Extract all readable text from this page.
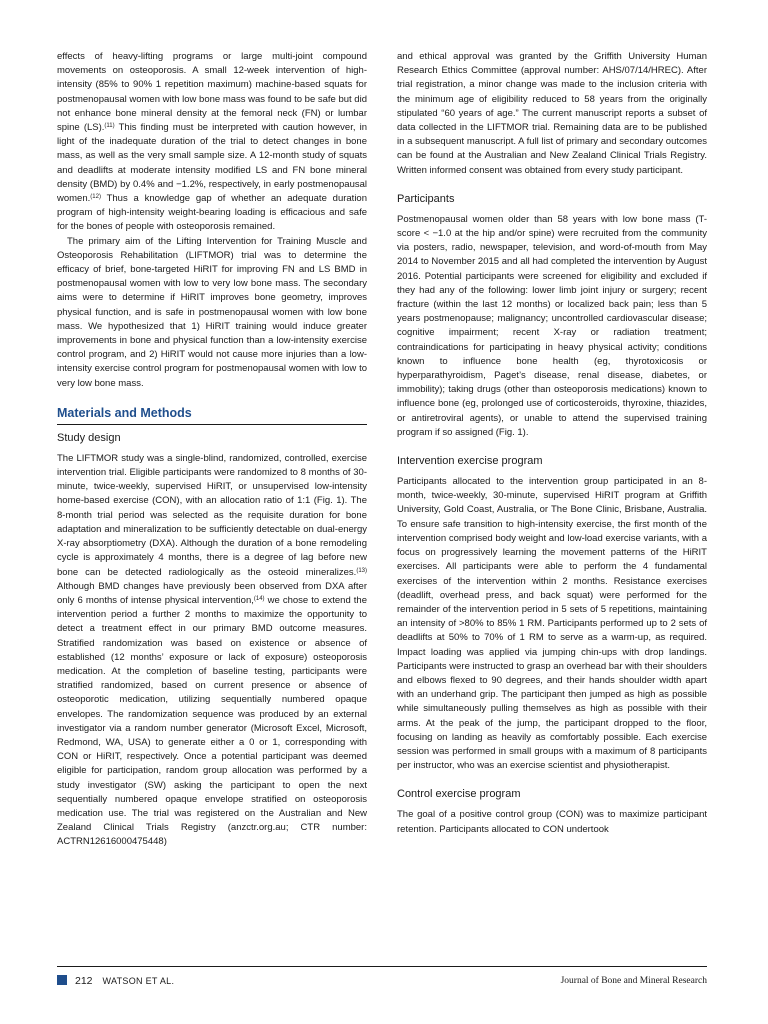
effects of heavy-lifting programs or large multi-joint compound movements on osteoporosis. A small 12-week intervention of high-intensity (85% to 90% 1 repetition maximum) machine-based squats for postmenopausal women with low bone mass was found to be safe but did not enhance bone mineral density at the femoral neck (FN) or lumbar spine (LS).$^{(11)}$ This finding must be interpreted with caution however, in light of the inadequate duration of the trial to detect changes in bone mass, as well as the very small sample size. A 12-month study of squats and deadlifts at moderate intensity modified LS and FN bone mineral density (BMD) by 0.4% and −1.2%, respectively, in early postmenopausal women.$^{(12)}$ Thus a knowledge gap of whether an adequate duration program of high-intensity weight-bearing loading is efficacious and safe for the bones of people with osteoporosis remained.

The primary aim of the Lifting Intervention for Training Muscle and Osteoporosis Rehabilitation (LIFTMOR) trial was to determine the efficacy of brief, bone-targeted HiRIT for improving FN and LS BMD in postmenopausal women with low to very low bone mass. The secondary aims were to determine if HiRIT improves bone geometry, improves physical function, and is safe in postmenopausal women with low bone mass. We hypothesized that 1) HiRIT training would induce greater improvements in bone and physical function than a low-intensity exercise control program, and 2) HiRIT would not cause more injuries than a low-intensity exercise control program for postmenopausal women with low to very low bone mass.

Materials and Methods
Study design

The LIFTMOR study was a single-blind, randomized, controlled, exercise intervention trial. Eligible participants were randomized to 8 months of 30-minute, twice-weekly, supervised HiRIT, or unsupervised low-intensity home-based exercise (CON), with an allocation ratio of 1:1 (Fig. 1). The 8-month trial period was selected as the requisite duration for bone adaptation and mineralization to be sufficiently detectable on dual-energy X-ray absorptiometry (DXA). Although the duration of a bone remodeling cycle is approximately 4 months, there is a degree of lag before new bone can be detected radiologically as the osteoid mineralizes.$^{(13)}$ Although BMD changes have previously been observed from DXA after only 6 months of intense physical intervention,$^{(14)}$ we chose to extend the intervention period a further 2 months to maximize the opportunity to detect a treatment effect in our primary BMD outcome measures. Stratified randomization was based on existence or absence of established (12 months’ exposure or lack of exposure) osteoporosis medication. At the completion of baseline testing, participants were stratified randomized, based on current presence or absence of osteoporotic medication, utilizing sequentially numbered opaque envelopes. The randomization sequence was produced by an external investigator via a random number generator (Microsoft Excel, Microsoft, Redmond, WA, USA) to generate either a 0 or 1, corresponding with CON or HiRIT, respectively. Once a potential participant was deemed eligible for participation, random group allocation was performed by a study investigator (SW) asking the participant to open the next sequentially numbered opaque envelope stratified on osteoporosis medication use. The trial was registered on the Australian and New Zealand Clinical Trials Registry (anzctr.org.au; CTR number: ACTRN12616000475448)

and ethical approval was granted by the Griffith University Human Research Ethics Committee (approval number: AHS/07/14/HREC). After trial registration, a minor change was made to the inclusion criteria with the minimum age of eligibility reduced to 58 years from the originally stipulated “60 years of age.” The current manuscript reports a subset of data collected in the LIFTMOR trial. Remaining data are to be published in a subsequent manuscript. A full list of primary and secondary outcomes can be found at the Australian and New Zealand Clinical Trials Registry. Written informed consent was obtained from every study participant.

Participants

Postmenopausal women older than 58 years with low bone mass (T-score < −1.0 at the hip and/or spine) were recruited from the community via posters, radio, newspaper, television, and word-of-mouth from May 2014 to November 2015 and all had completed the intervention by August 2016. Potential participants were screened for eligibility and excluded if they had any of the following: lower limb joint injury or surgery; recent fracture (within the last 12 months) or localized back pain; less than 5 years postmenopause; malignancy; uncontrolled cardiovascular disease; cognitive impairment; recent X-ray or radiation treatment; contraindications for participating in heavy physical activity; conditions known to influence bone health (eg, thyrotoxicosis or hyperparathyroidism, Paget’s disease, renal disease, diabetes, or immobility); taking drugs (other than osteoporosis medications) known to influence bone (eg, prolonged use of corticosteroids, thyroxine, thiazides, or antiretroviral agents), or unable to attend the supervised training program if so assigned (Fig. 1).

Intervention exercise program

Participants allocated to the intervention group participated in an 8-month, twice-weekly, 30-minute, supervised HiRIT program at Griffith University, Gold Coast, Australia, or The Bone Clinic, Brisbane, Australia. To ensure safe transition to high-intensity exercise, the first month of the intervention comprised body weight and low-load exercise variants, with a focus on progressively learning the movement patterns of the HiRIT exercises. All participants were able to perform the 4 fundamental exercises of the intervention within 2 months. Resistance exercises (deadlift, overhead press, and back squat) were performed for the remainder of the intervention period in 5 sets of 5 repetitions, maintaining an intensity of >80% to 85% 1 RM. Participants performed up to 2 sets of deadlifts at 50% to 70% of 1 RM to serve as a warm-up, as required. Impact loading was applied via jumping chin-ups with drop landings. Participants were instructed to grasp an overhead bar with their shoulders and elbows flexed to 90 degrees, and their hands shoulder width apart with an underhand grip. The participant then jumped as high as possible while simultaneously pulling themselves as high as possible with their arms. At the peak of the jump, the participant dropped to the floor, focusing on landing as heavily as comfortably possible. Each exercise session was performed in small groups with a maximum of 8 participants per instructor, who was an exercise scientist and physiotherapist.

Control exercise program

The goal of a positive control group (CON) was to maximize participant retention. Participants allocated to CON undertook

212 WATSON ET AL.	Journal of Bone and Mineral Research
